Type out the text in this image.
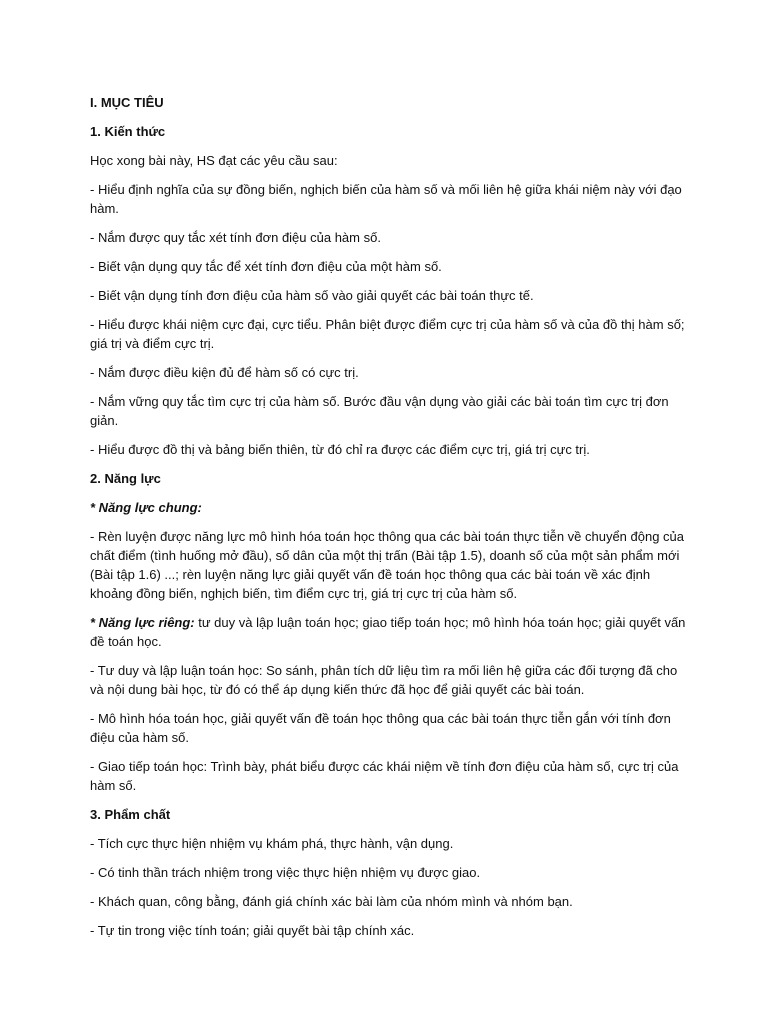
I. MỤC TIÊU

1. Kiến thức

Học xong bài này, HS đạt các yêu cầu sau:

- Hiểu định nghĩa của sự đồng biến, nghịch biến của hàm số và mối liên hệ giữa khái niệm này với đạo hàm.

- Nắm được quy tắc xét tính đơn điệu của hàm số.

- Biết vận dụng quy tắc để xét tính đơn điệu của một hàm số.

- Biết vận dụng tính đơn điệu của hàm số vào giải quyết các bài toán thực tế.

- Hiểu được khái niệm cực đại, cực tiểu. Phân biệt được điểm cực trị của hàm số và của đồ thị hàm số; giá trị và điểm cực trị.

- Nắm được điều kiện đủ để hàm số có cực trị.

- Nắm vững quy tắc tìm cực trị của hàm số. Bước đầu vận dụng vào giải các bài toán tìm cực trị đơn giản.

- Hiểu được đồ thị và bảng biến thiên, từ đó chỉ ra được các điểm cực trị, giá trị cực trị.

2. Năng lực

* Năng lực chung:

- Rèn luyện được năng lực mô hình hóa toán học thông qua các bài toán thực tiễn về chuyển động của chất điểm (tình huống mở đầu), số dân của một thị trấn (Bài tập 1.5), doanh số của một sản phẩm mới (Bài tập 1.6) ...; rèn luyện năng lực giải quyết vấn đề toán học thông qua các bài toán về xác định khoảng đồng biến, nghịch biến, tìm điểm cực trị, giá trị cực trị của hàm số.

* Năng lực riêng: tư duy và lập luận toán học; giao tiếp toán học; mô hình hóa toán học; giải quyết vấn đề toán học.

- Tư duy và lập luận toán học: So sánh, phân tích dữ liệu tìm ra mối liên hệ giữa các đối tượng đã cho và nội dung bài học, từ đó có thể áp dụng kiến thức đã học để giải quyết các bài toán.

- Mô hình hóa toán học, giải quyết vấn đề toán học thông qua các bài toán thực tiễn gắn với tính đơn điệu của hàm số.

- Giao tiếp toán học: Trình bày, phát biểu được các khái niệm về tính đơn điệu của hàm số, cực trị của hàm số.

3. Phẩm chất

- Tích cực thực hiện nhiệm vụ khám phá, thực hành, vận dụng.

- Có tinh thần trách nhiệm trong việc thực hiện nhiệm vụ được giao.

- Khách quan, công bằng, đánh giá chính xác bài làm của nhóm mình và nhóm bạn.

- Tự tin trong việc tính toán; giải quyết bài tập chính xác.
